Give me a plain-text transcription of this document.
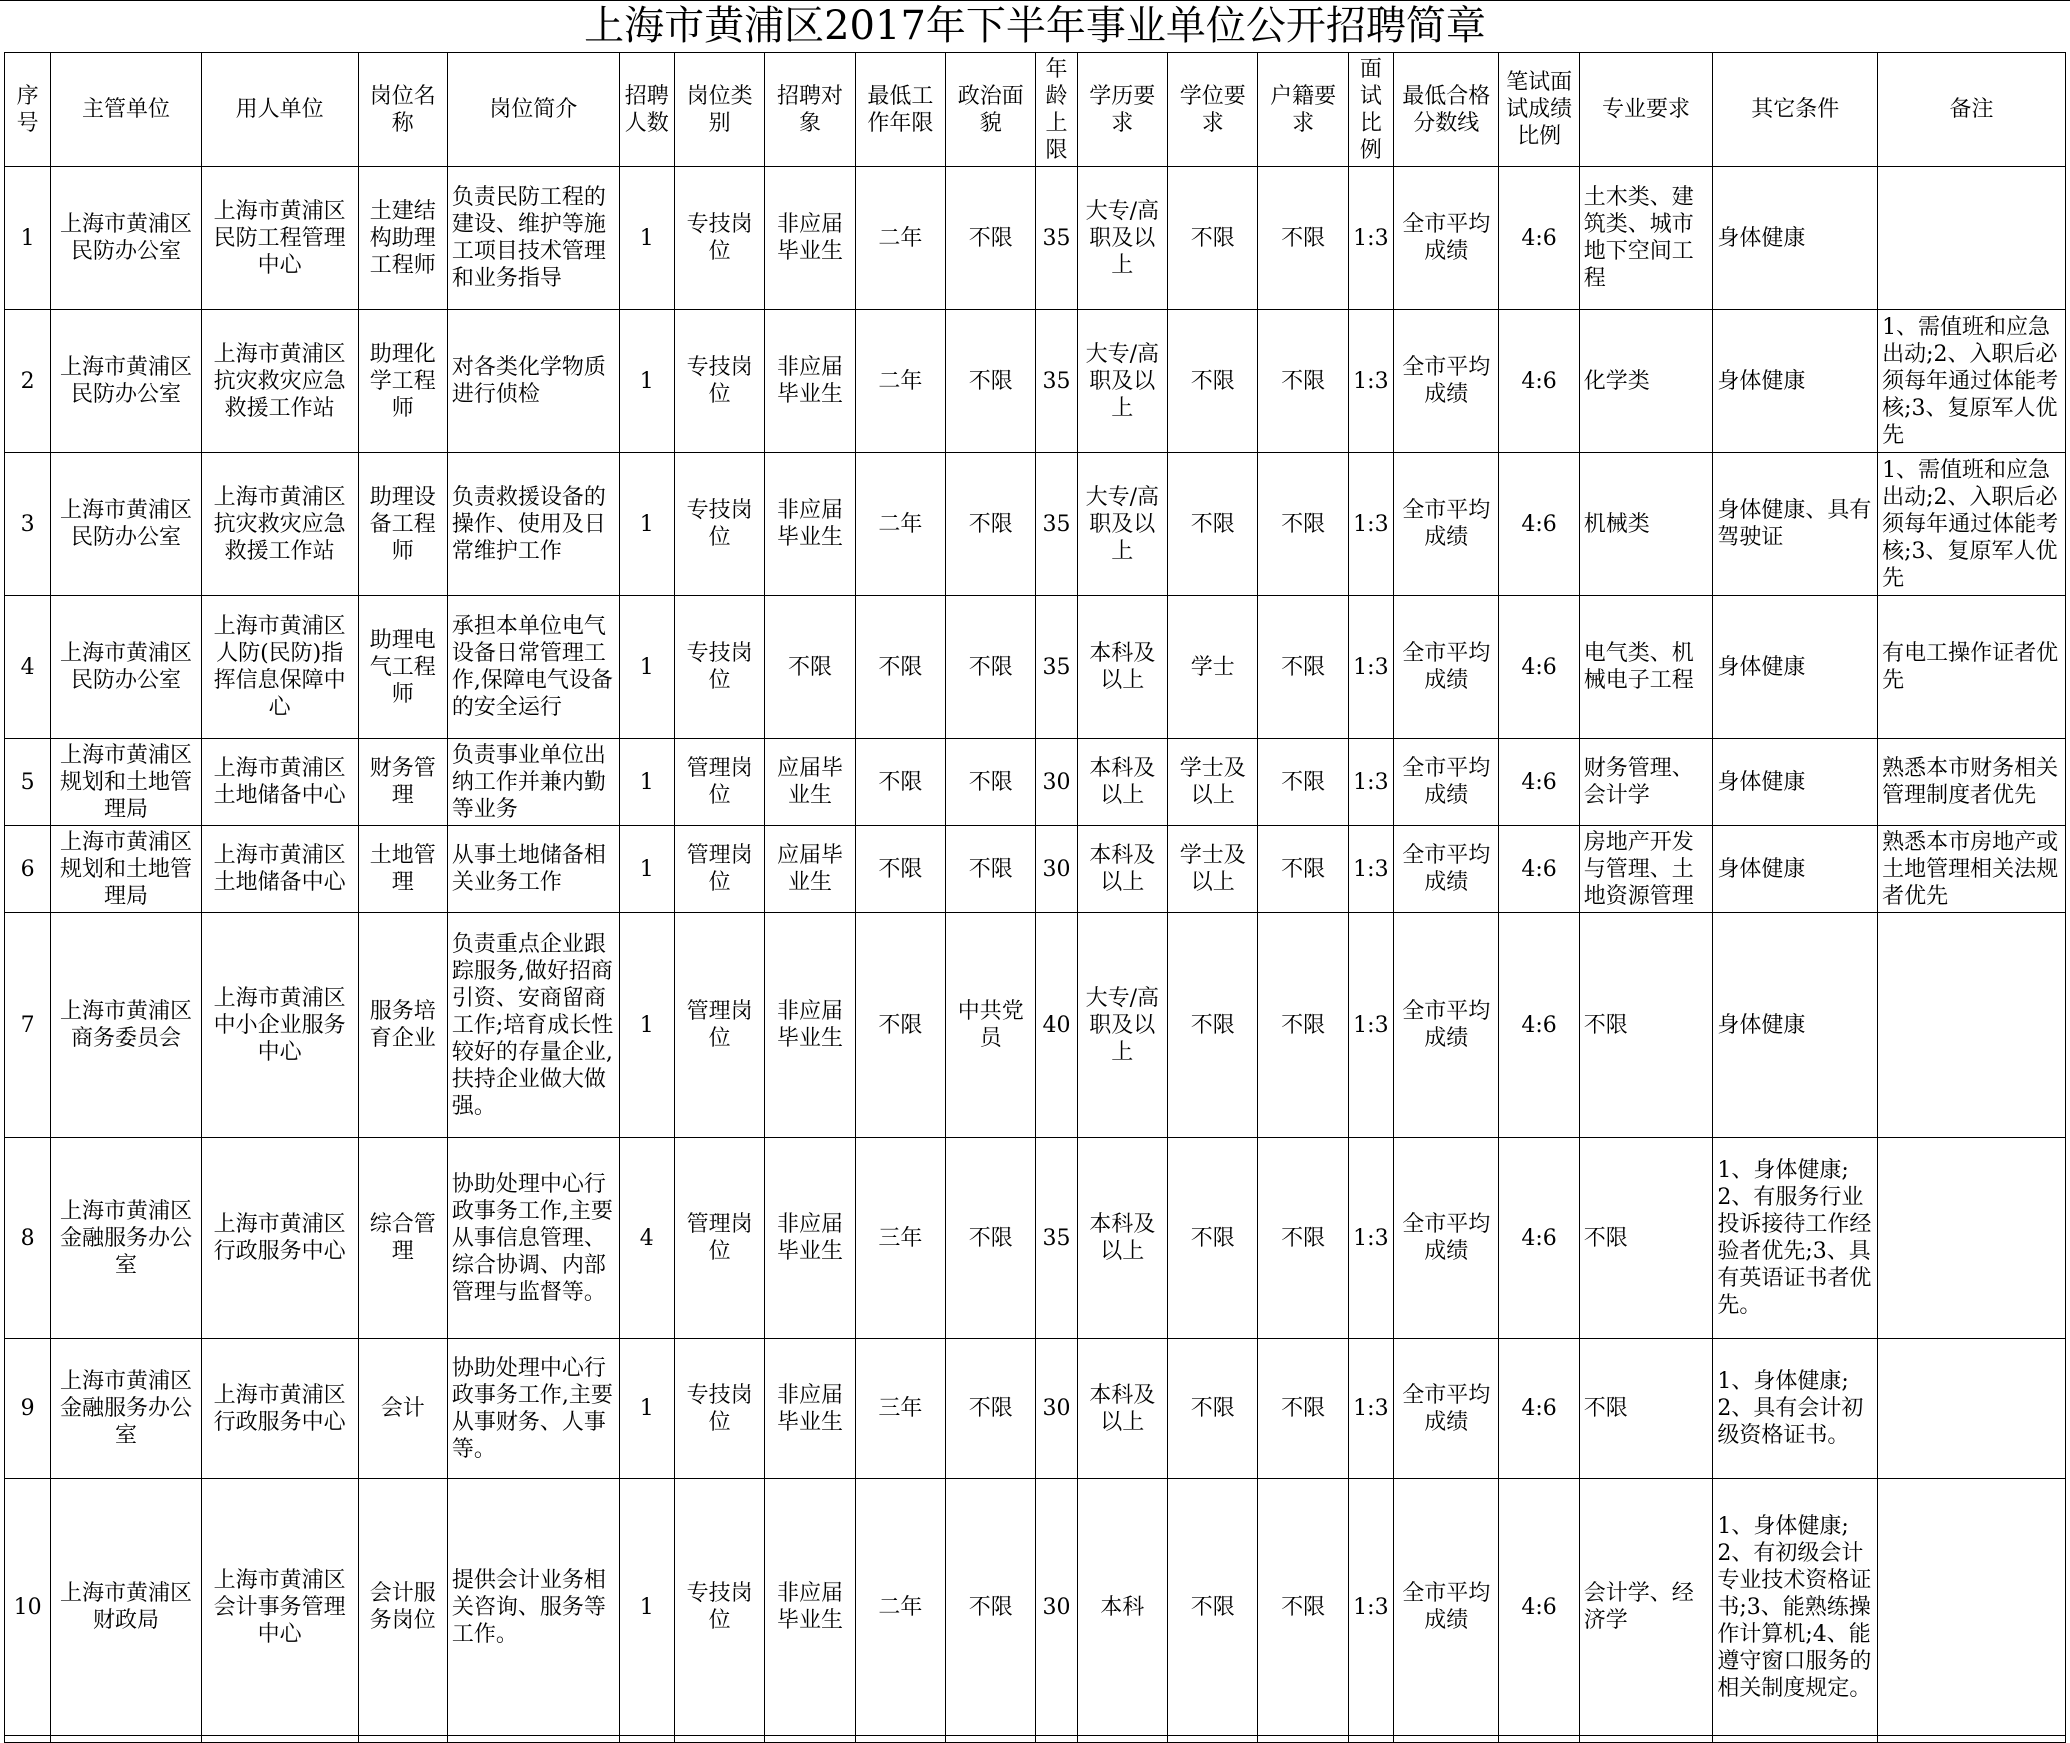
上海市黄浦区2017年下半年事业单位公开招聘简章
序号	主管单位	用人单位	岗位名称	岗位简介	招聘人数	岗位类别	招聘对象	最低工作年限	政治面貌	年龄上限	学历要求	学位要求	户籍要求	面试比例	最低合格分数线	笔试面试成绩比例	专业要求	其它条件	备注
1	上海市黄浦区民防办公室	上海市黄浦区民防工程管理中心	土建结构助理工程师	负责民防工程的建设、维护等施工项目技术管理和业务指导	1	专技岗位	非应届毕业生	二年	不限	35	大专/高职及以上	不限	不限	1:3	全市平均成绩	4:6	土木类、建筑类、城市地下空间工程	身体健康	
2	上海市黄浦区民防办公室	上海市黄浦区抗灾救灾应急救援工作站	助理化学工程师	对各类化学物质进行侦检	1	专技岗位	非应届毕业生	二年	不限	35	大专/高职及以上	不限	不限	1:3	全市平均成绩	4:6	化学类	身体健康	1、需值班和应急出动;2、入职后必须每年通过体能考核;3、复原军人优先
3	上海市黄浦区民防办公室	上海市黄浦区抗灾救灾应急救援工作站	助理设备工程师	负责救援设备的操作、使用及日常维护工作	1	专技岗位	非应届毕业生	二年	不限	35	大专/高职及以上	不限	不限	1:3	全市平均成绩	4:6	机械类	身体健康、具有驾驶证	1、需值班和应急出动;2、入职后必须每年通过体能考核;3、复原军人优先
4	上海市黄浦区民防办公室	上海市黄浦区人防(民防)指挥信息保障中心	助理电气工程师	承担本单位电气设备日常管理工作,保障电气设备的安全运行	1	专技岗位	不限	不限	不限	35	本科及以上	学士	不限	1:3	全市平均成绩	4:6	电气类、机械电子工程	身体健康	有电工操作证者优先
5	上海市黄浦区规划和土地管理局	上海市黄浦区土地储备中心	财务管理	负责事业单位出纳工作并兼内勤等业务	1	管理岗位	应届毕业生	不限	不限	30	本科及以上	学士及以上	不限	1:3	全市平均成绩	4:6	财务管理、会计学	身体健康	熟悉本市财务相关管理制度者优先
6	上海市黄浦区规划和土地管理局	上海市黄浦区土地储备中心	土地管理	从事土地储备相关业务工作	1	管理岗位	应届毕业生	不限	不限	30	本科及以上	学士及以上	不限	1:3	全市平均成绩	4:6	房地产开发与管理、土地资源管理	身体健康	熟悉本市房地产或土地管理相关法规者优先
7	上海市黄浦区商务委员会	上海市黄浦区中小企业服务中心	服务培育企业	负责重点企业跟踪服务,做好招商引资、安商留商工作;培育成长性较好的存量企业,扶持企业做大做强。	1	管理岗位	非应届毕业生	不限	中共党员	40	大专/高职及以上	不限	不限	1:3	全市平均成绩	4:6	不限	身体健康	
8	上海市黄浦区金融服务办公室	上海市黄浦区行政服务中心	综合管理	协助处理中心行政事务工作,主要从事信息管理、综合协调、内部管理与监督等。	4	管理岗位	非应届毕业生	三年	不限	35	本科及以上	不限	不限	1:3	全市平均成绩	4:6	不限	1、身体健康;2、有服务行业投诉接待工作经验者优先;3、具有英语证书者优先。	
9	上海市黄浦区金融服务办公室	上海市黄浦区行政服务中心	会计	协助处理中心行政事务工作,主要从事财务、人事等。	1	专技岗位	非应届毕业生	三年	不限	30	本科及以上	不限	不限	1:3	全市平均成绩	4:6	不限	1、身体健康;2、具有会计初级资格证书。	
10	上海市黄浦区财政局	上海市黄浦区会计事务管理中心	会计服务岗位	提供会计业务相关咨询、服务等工作。	1	专技岗位	非应届毕业生	二年	不限	30	本科	不限	不限	1:3	全市平均成绩	4:6	会计学、经济学	1、身体健康;2、有初级会计专业技术资格证书;3、能熟练操作计算机;4、能遵守窗口服务的相关制度规定。	
